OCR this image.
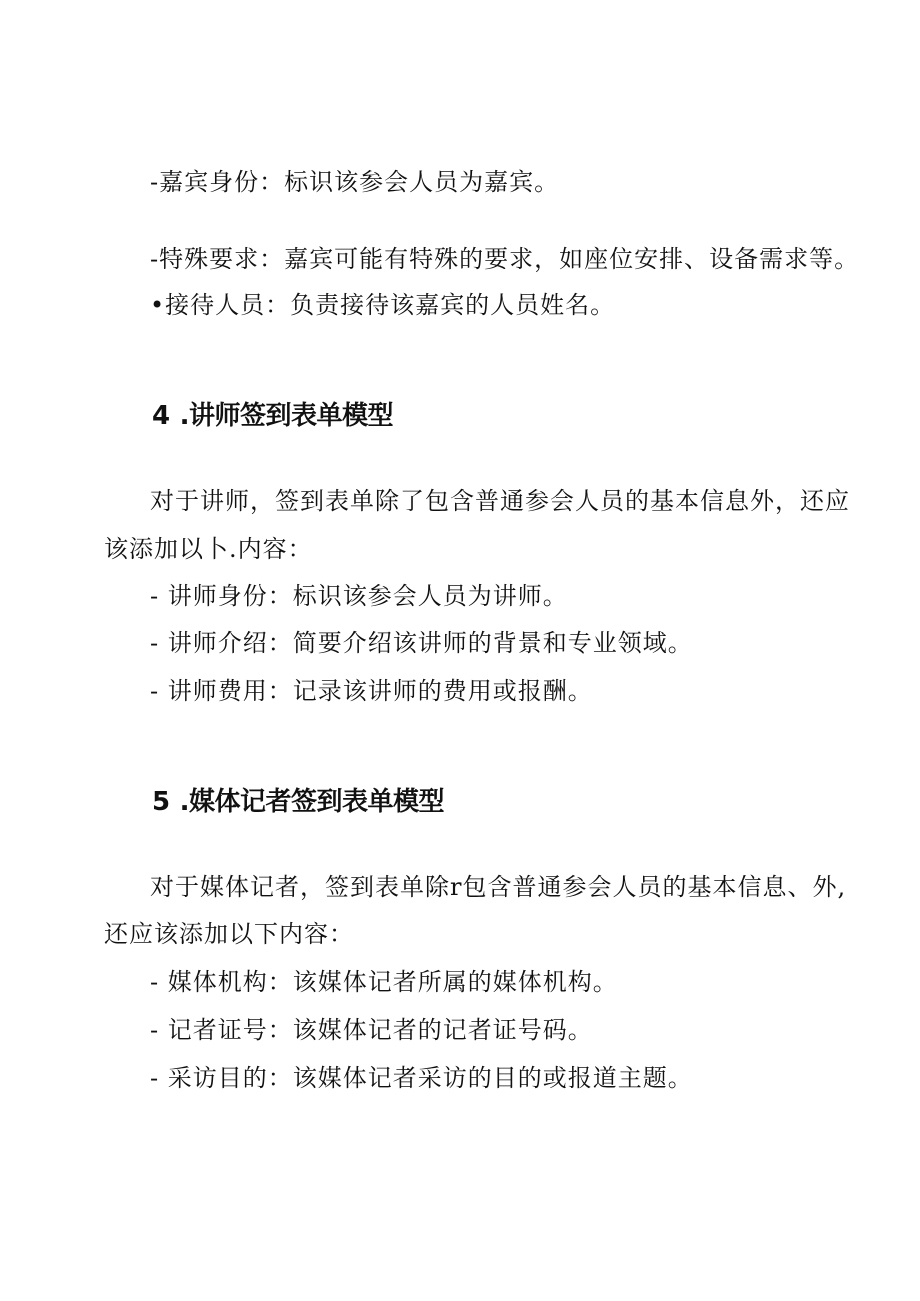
-嘉宾身份：标识该参会人员为嘉宾。
-特殊要求：嘉宾可能有特殊的要求，如座位安排、设备需求等。
•接待人员：负责接待该嘉宾的人员姓名。
4 .讲师签到表单模型
对于讲师，签到表单除了包含普通参会人员的基本信息外，还应
该添加以卜.内容：
- 讲师身份：标识该参会人员为讲师。
- 讲师介绍：简要介绍该讲师的背景和专业领域。
- 讲师费用：记录该讲师的费用或报酬。
5 .媒体记者签到表单模型
对于媒体记者，签到表单除r包含普通参会人员的基本信息、外,
还应该添加以下内容：
- 媒体机构：该媒体记者所属的媒体机构。
- 记者证号：该媒体记者的记者证号码。
- 采访目的：该媒体记者采访的目的或报道主题。
